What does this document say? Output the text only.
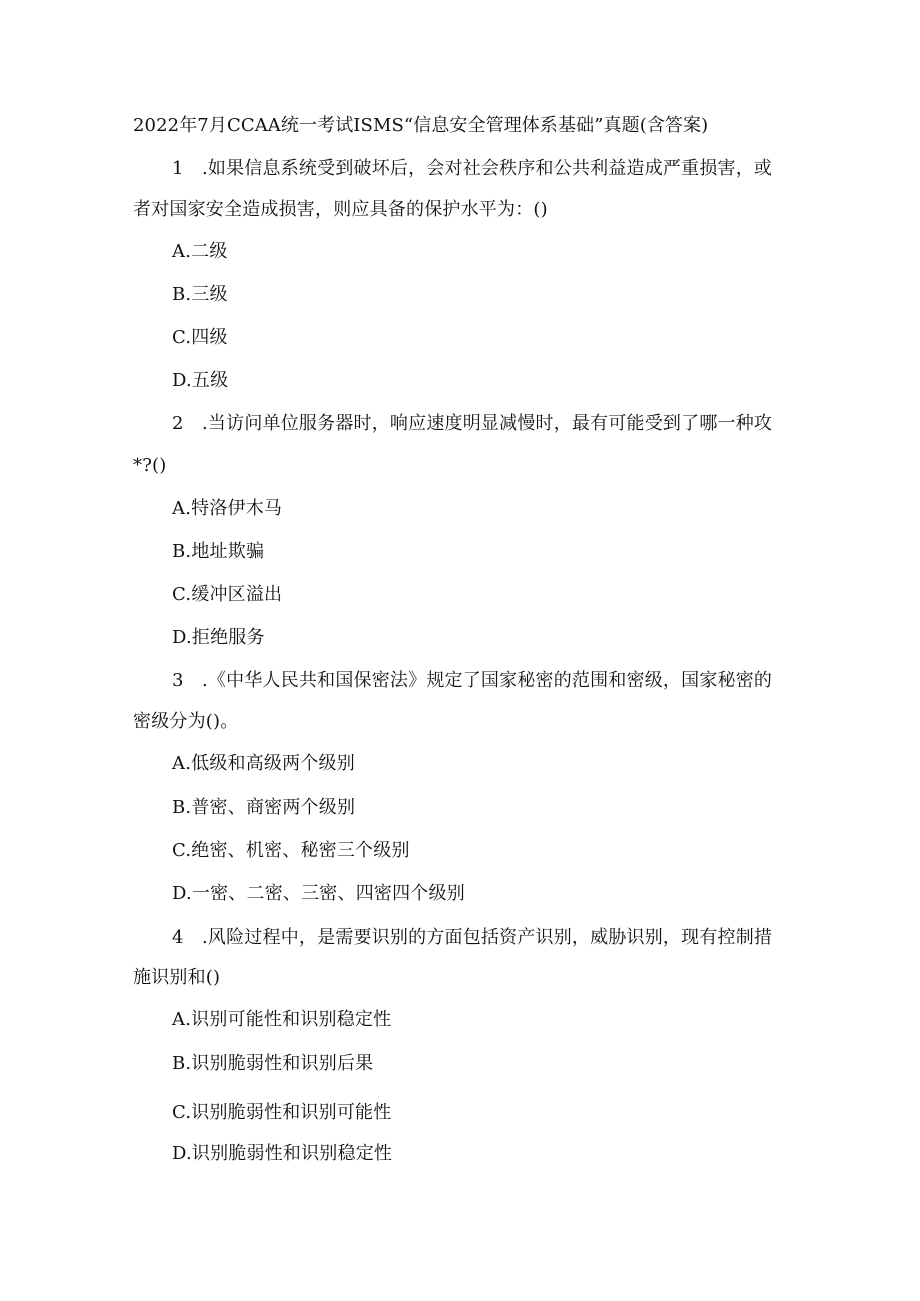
2022年7月CCAA统一考试ISMS“信息安全管理体系基础”真题(含答案)
1 .如果信息系统受到破坏后，会对社会秩序和公共利益造成严重损害，或
者对国家安全造成损害，则应具备的保护水平为：()
A.二级
B.三级
C.四级
D.五级
2 .当访问单位服务器时，响应速度明显减慢时，最有可能受到了哪一种攻
*?()
A.特洛伊木马
B.地址欺骗
C.缓冲区溢出
D.拒绝服务
3 .《中华人民共和国保密法》规定了国家秘密的范围和密级，国家秘密的
密级分为()。
A.低级和高级两个级别
B.普密、商密两个级别
C.绝密、机密、秘密三个级别
D.一密、二密、三密、四密四个级别
4 .风险过程中，是需要识别的方面包括资产识别，威胁识别，现有控制措
施识别和()
A.识别可能性和识别稳定性
B.识别脆弱性和识别后果
C.识别脆弱性和识别可能性
D.识别脆弱性和识别稳定性
